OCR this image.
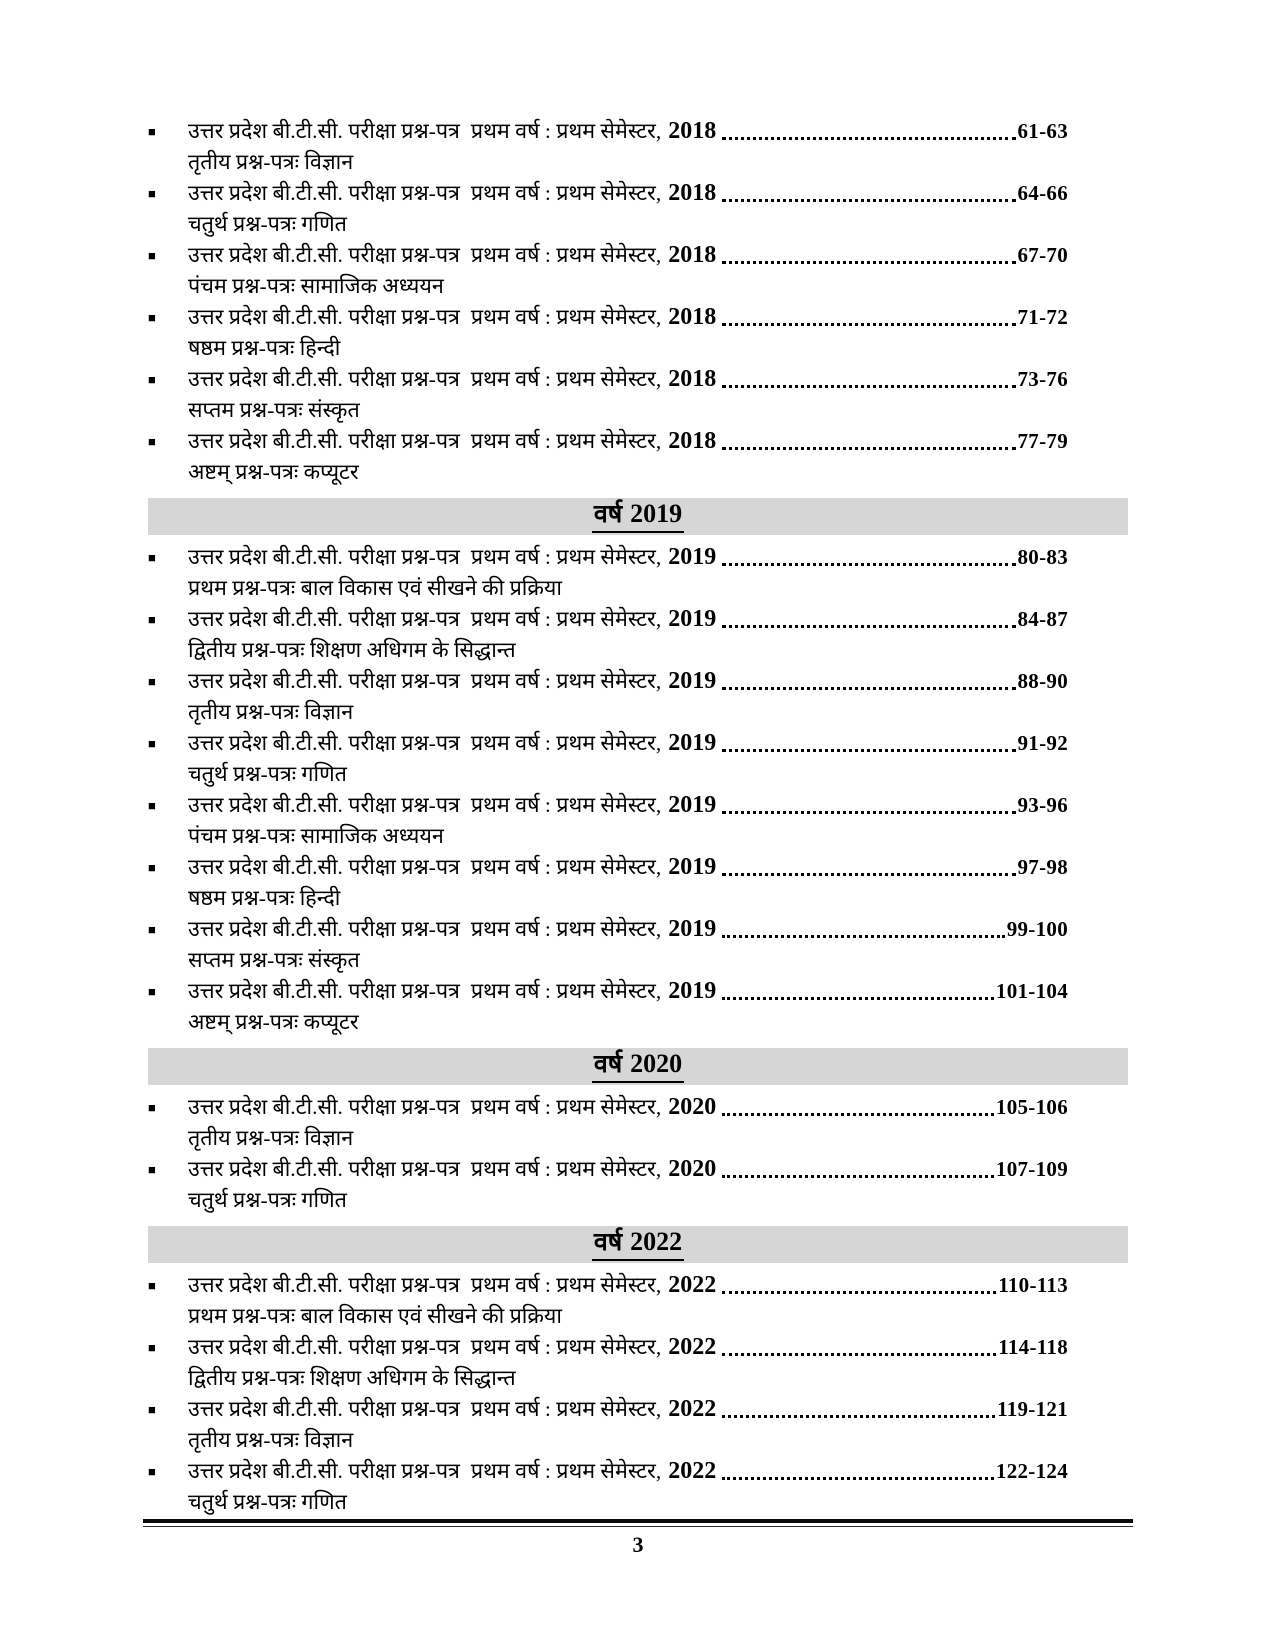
■	उत्तर प्रदेश बी.टी.सी. परीक्षा प्रश्न-पत्र प्रथम वर्ष : प्रथम सेमेस्टर, 2018	61-63
तृतीय प्रश्न-पत्रः विज्ञान
■	उत्तर प्रदेश बी.टी.सी. परीक्षा प्रश्न-पत्र प्रथम वर्ष : प्रथम सेमेस्टर, 2018	64-66
चतुर्थ प्रश्न-पत्रः गणित
■	उत्तर प्रदेश बी.टी.सी. परीक्षा प्रश्न-पत्र प्रथम वर्ष : प्रथम सेमेस्टर, 2018	67-70
पंचम प्रश्न-पत्रः सामाजिक अध्ययन
■	उत्तर प्रदेश बी.टी.सी. परीक्षा प्रश्न-पत्र प्रथम वर्ष : प्रथम सेमेस्टर, 2018	71-72
षष्ठम प्रश्न-पत्रः हिन्दी
■	उत्तर प्रदेश बी.टी.सी. परीक्षा प्रश्न-पत्र प्रथम वर्ष : प्रथम सेमेस्टर, 2018	73-76
सप्तम प्रश्न-पत्रः संस्कृत
■	उत्तर प्रदेश बी.टी.सी. परीक्षा प्रश्न-पत्र प्रथम वर्ष : प्रथम सेमेस्टर, 2018	77-79
अष्टम् प्रश्न-पत्रः कप्यूटर
वर्ष 2019
■	उत्तर प्रदेश बी.टी.सी. परीक्षा प्रश्न-पत्र प्रथम वर्ष : प्रथम सेमेस्टर, 2019	80-83
प्रथम प्रश्न-पत्रः बाल विकास एवं सीखने की प्रक्रिया
■	उत्तर प्रदेश बी.टी.सी. परीक्षा प्रश्न-पत्र प्रथम वर्ष : प्रथम सेमेस्टर, 2019	84-87
द्वितीय प्रश्न-पत्रः शिक्षण अधिगम के सिद्धान्त
■	उत्तर प्रदेश बी.टी.सी. परीक्षा प्रश्न-पत्र प्रथम वर्ष : प्रथम सेमेस्टर, 2019	88-90
तृतीय प्रश्न-पत्रः विज्ञान
■	उत्तर प्रदेश बी.टी.सी. परीक्षा प्रश्न-पत्र प्रथम वर्ष : प्रथम सेमेस्टर, 2019	91-92
चतुर्थ प्रश्न-पत्रः गणित
■	उत्तर प्रदेश बी.टी.सी. परीक्षा प्रश्न-पत्र प्रथम वर्ष : प्रथम सेमेस्टर, 2019	93-96
पंचम प्रश्न-पत्रः सामाजिक अध्ययन
■	उत्तर प्रदेश बी.टी.सी. परीक्षा प्रश्न-पत्र प्रथम वर्ष : प्रथम सेमेस्टर, 2019	97-98
षष्ठम प्रश्न-पत्रः हिन्दी
■	उत्तर प्रदेश बी.टी.सी. परीक्षा प्रश्न-पत्र प्रथम वर्ष : प्रथम सेमेस्टर, 2019	99-100
सप्तम प्रश्न-पत्रः संस्कृत
■	उत्तर प्रदेश बी.टी.सी. परीक्षा प्रश्न-पत्र प्रथम वर्ष : प्रथम सेमेस्टर, 2019	101-104
अष्टम् प्रश्न-पत्रः कप्यूटर
वर्ष 2020
■	उत्तर प्रदेश बी.टी.सी. परीक्षा प्रश्न-पत्र प्रथम वर्ष : प्रथम सेमेस्टर, 2020	105-106
तृतीय प्रश्न-पत्रः विज्ञान
■	उत्तर प्रदेश बी.टी.सी. परीक्षा प्रश्न-पत्र प्रथम वर्ष : प्रथम सेमेस्टर, 2020	107-109
चतुर्थ प्रश्न-पत्रः गणित
वर्ष 2022
■	उत्तर प्रदेश बी.टी.सी. परीक्षा प्रश्न-पत्र प्रथम वर्ष : प्रथम सेमेस्टर, 2022	110-113
प्रथम प्रश्न-पत्रः बाल विकास एवं सीखने की प्रक्रिया
■	उत्तर प्रदेश बी.टी.सी. परीक्षा प्रश्न-पत्र प्रथम वर्ष : प्रथम सेमेस्टर, 2022	114-118
द्वितीय प्रश्न-पत्रः शिक्षण अधिगम के सिद्धान्त
■	उत्तर प्रदेश बी.टी.सी. परीक्षा प्रश्न-पत्र प्रथम वर्ष : प्रथम सेमेस्टर, 2022	119-121
तृतीय प्रश्न-पत्रः विज्ञान
■	उत्तर प्रदेश बी.टी.सी. परीक्षा प्रश्न-पत्र प्रथम वर्ष : प्रथम सेमेस्टर, 2022	122-124
चतुर्थ प्रश्न-पत्रः गणित
3
